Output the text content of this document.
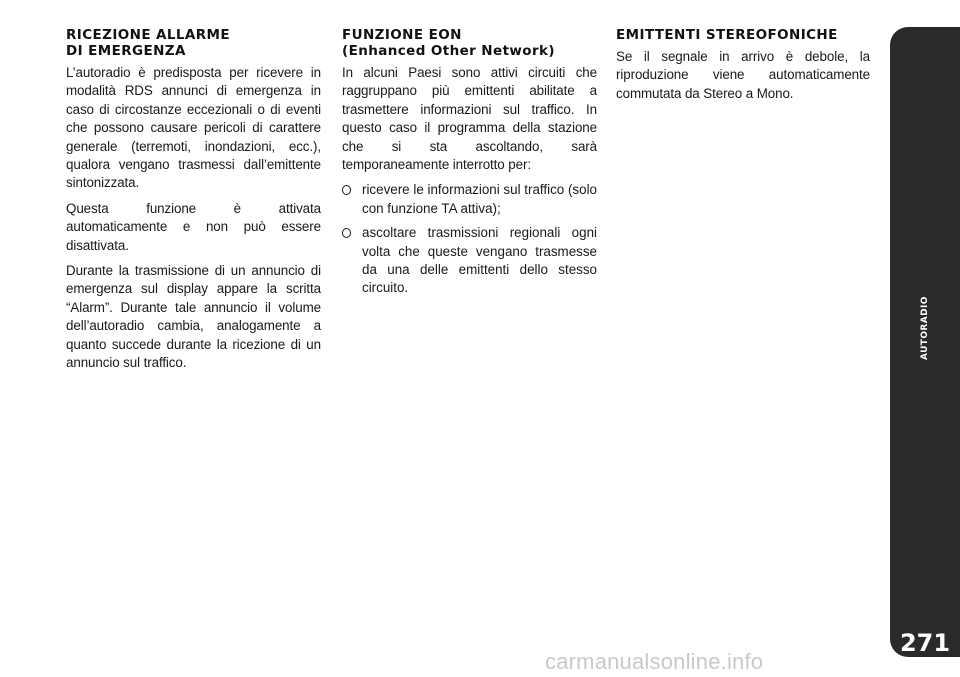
RICEZIONE ALLARME
DI EMERGENZA

L’autoradio è predisposta per ricevere in modalità RDS annunci di emergenza in caso di circostanze eccezionali o di eventi che possono causare pericoli di carattere generale (terremoti, inondazioni, ecc.), qualora vengano trasmessi dall’emittente sintonizzata.

Questa funzione è attivata automaticamente e non può essere disattivata.

Durante la trasmissione di un annuncio di emergenza sul display appare la scritta “Alarm”. Durante tale annuncio il volume dell’autoradio cambia, analogamente a quanto succede durante la ricezione di un annuncio sul traffico.

FUNZIONE EON
(Enhanced Other Network)

In alcuni Paesi sono attivi circuiti che raggruppano più emittenti abilitate a trasmettere informazioni sul traffico. In questo caso il programma della stazione che si sta ascoltando, sarà temporaneamente interrotto per:

ricevere le informazioni sul traffico (solo con funzione TA attiva);
ascoltare trasmissioni regionali ogni volta che queste vengano trasmesse da una delle emittenti dello stesso circuito.
EMITTENTI STEREOFONICHE

Se il segnale in arrivo è debole, la riproduzione viene automaticamente commutata da Stereo a Mono.

AUTORADIO
271
carmanualsonline.info
